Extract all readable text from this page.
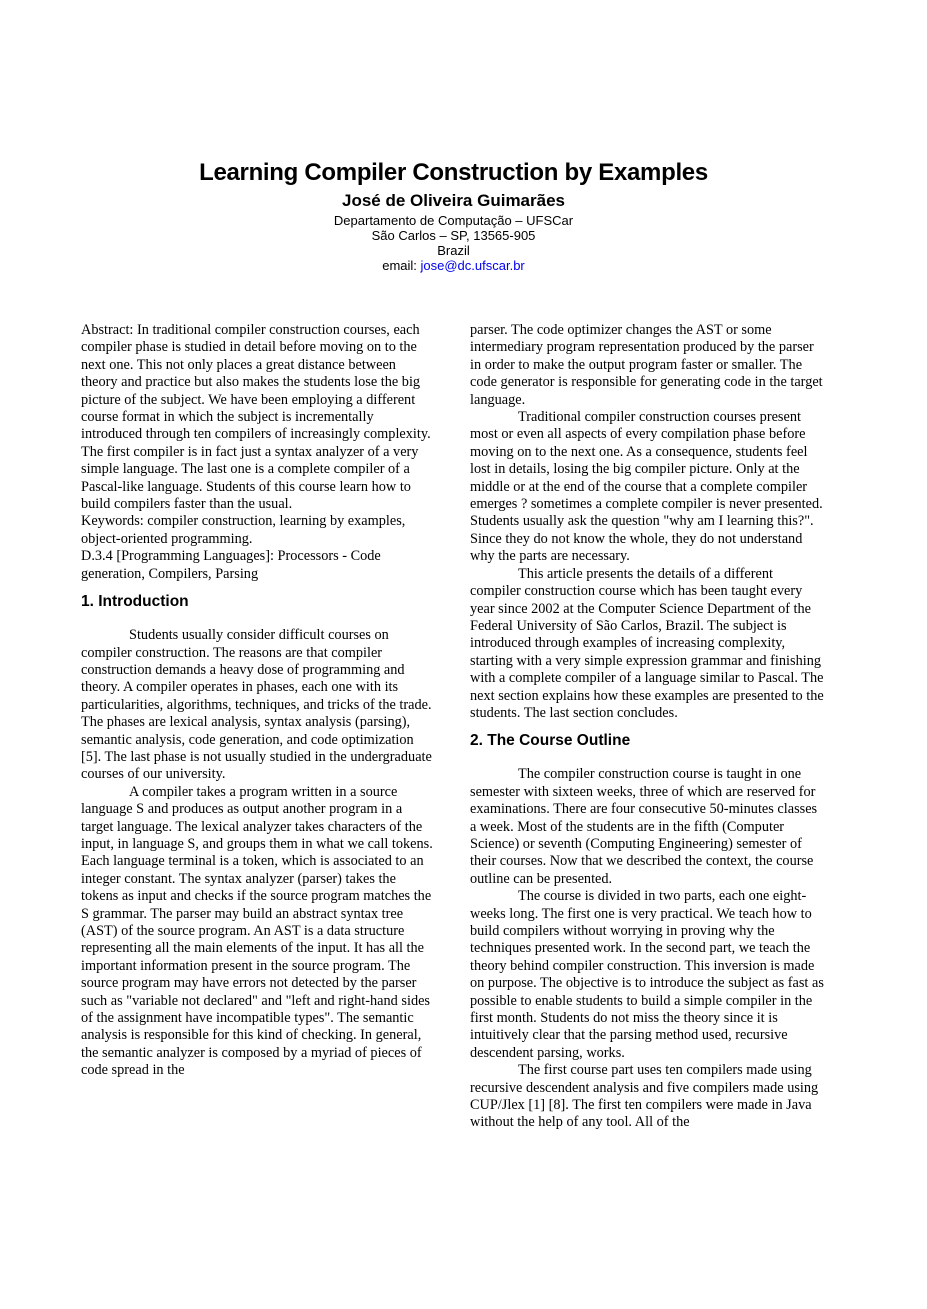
Learning Compiler Construction by Examples
José de Oliveira Guimarães
Departamento de Computação – UFSCar
São Carlos – SP, 13565-905
Brazil
email: jose@dc.ufscar.br

Abstract: In traditional compiler construction courses, each compiler phase is studied in detail before moving on to the next one. This not only places a great distance between theory and practice but also makes the students lose the big picture of the subject. We have been employing a different course format in which the subject is incrementally introduced through ten compilers of increasingly complexity. The first compiler is in fact just a syntax analyzer of a very simple language. The last one is a complete compiler of a Pascal-like language. Students of this course learn how to build compilers faster than the usual.

Keywords: compiler construction, learning by examples, object-oriented programming.

D.3.4 [Programming Languages]: Processors - Code generation, Compilers, Parsing

1. Introduction

Students usually consider difficult courses on compiler construction. The reasons are that compiler construction demands a heavy dose of programming and theory. A compiler operates in phases, each one with its particularities, algorithms, techniques, and tricks of the trade. The phases are lexical analysis, syntax analysis (parsing), semantic analysis, code generation, and code optimization [5]. The last phase is not usually studied in the undergraduate courses of our university.

A compiler takes a program written in a source language S and produces as output another program in a target language. The lexical analyzer takes characters of the input, in language S, and groups them in what we call tokens. Each language terminal is a token, which is associated to an integer constant. The syntax analyzer (parser) takes the tokens as input and checks if the source program matches the S grammar. The parser may build an abstract syntax tree (AST) of the source program. An AST is a data structure representing all the main elements of the input. It has all the important information present in the source program. The source program may have errors not detected by the parser such as "variable not declared" and "left and right-hand sides of the assignment have incompatible types". The semantic analysis is responsible for this kind of checking. In general, the semantic analyzer is composed by a myriad of pieces of code spread in the

parser. The code optimizer changes the AST or some intermediary program representation produced by the parser in order to make the output program faster or smaller. The code generator is responsible for generating code in the target language.

Traditional compiler construction courses present most or even all aspects of every compilation phase before moving on to the next one. As a consequence, students feel lost in details, losing the big compiler picture. Only at the middle or at the end of the course that a complete compiler emerges ? sometimes a complete compiler is never presented. Students usually ask the question "why am I learning this?". Since they do not know the whole, they do not understand why the parts are necessary.

This article presents the details of a different compiler construction course which has been taught every year since 2002 at the Computer Science Department of the Federal University of São Carlos, Brazil. The subject is introduced through examples of increasing complexity, starting with a very simple expression grammar and finishing with a complete compiler of a language similar to Pascal. The next section explains how these examples are presented to the students. The last section concludes.

2. The Course Outline

The compiler construction course is taught in one semester with sixteen weeks, three of which are reserved for examinations. There are four consecutive 50-minutes classes a week. Most of the students are in the fifth (Computer Science) or seventh (Computing Engineering) semester of their courses. Now that we described the context, the course outline can be presented.

The course is divided in two parts, each one eight-weeks long. The first one is very practical. We teach how to build compilers without worrying in proving why the techniques presented work. In the second part, we teach the theory behind compiler construction. This inversion is made on purpose. The objective is to introduce the subject as fast as possible to enable students to build a simple compiler in the first month. Students do not miss the theory since it is intuitively clear that the parsing method used, recursive descendent parsing, works.

The first course part uses ten compilers made using recursive descendent analysis and five compilers made using CUP/Jlex [1] [8]. The first ten compilers were made in Java without the help of any tool. All of the
